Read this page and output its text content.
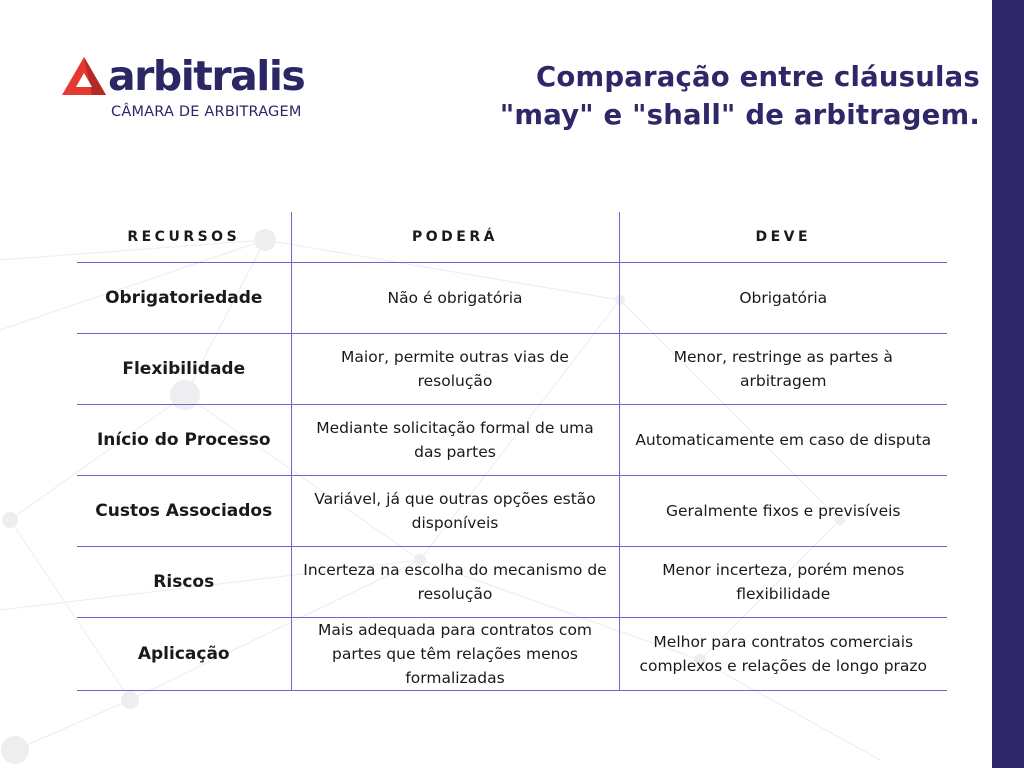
arbitralis
CÂMARA DE ARBITRAGEM
Comparação entre cláusulas "may" e "shall" de arbitragem.
RECURSOS	PODERÁ	DEVE
Obrigatoriedade	Não é obrigatória	Obrigatória
Flexibilidade	Maior, permite outras vias de resolução	Menor, restringe as partes à arbitragem
Início do Processo	Mediante solicitação formal de uma das partes	Automaticamente em caso de disputa
Custos Associados	Variável, já que outras opções estão disponíveis	Geralmente fixos e previsíveis
Riscos	Incerteza na escolha do mecanismo de resolução	Menor incerteza, porém menos flexibilidade
Aplicação	Mais adequada para contratos com partes que têm relações menos formalizadas	Melhor para contratos comerciais complexos e relações de longo prazo
